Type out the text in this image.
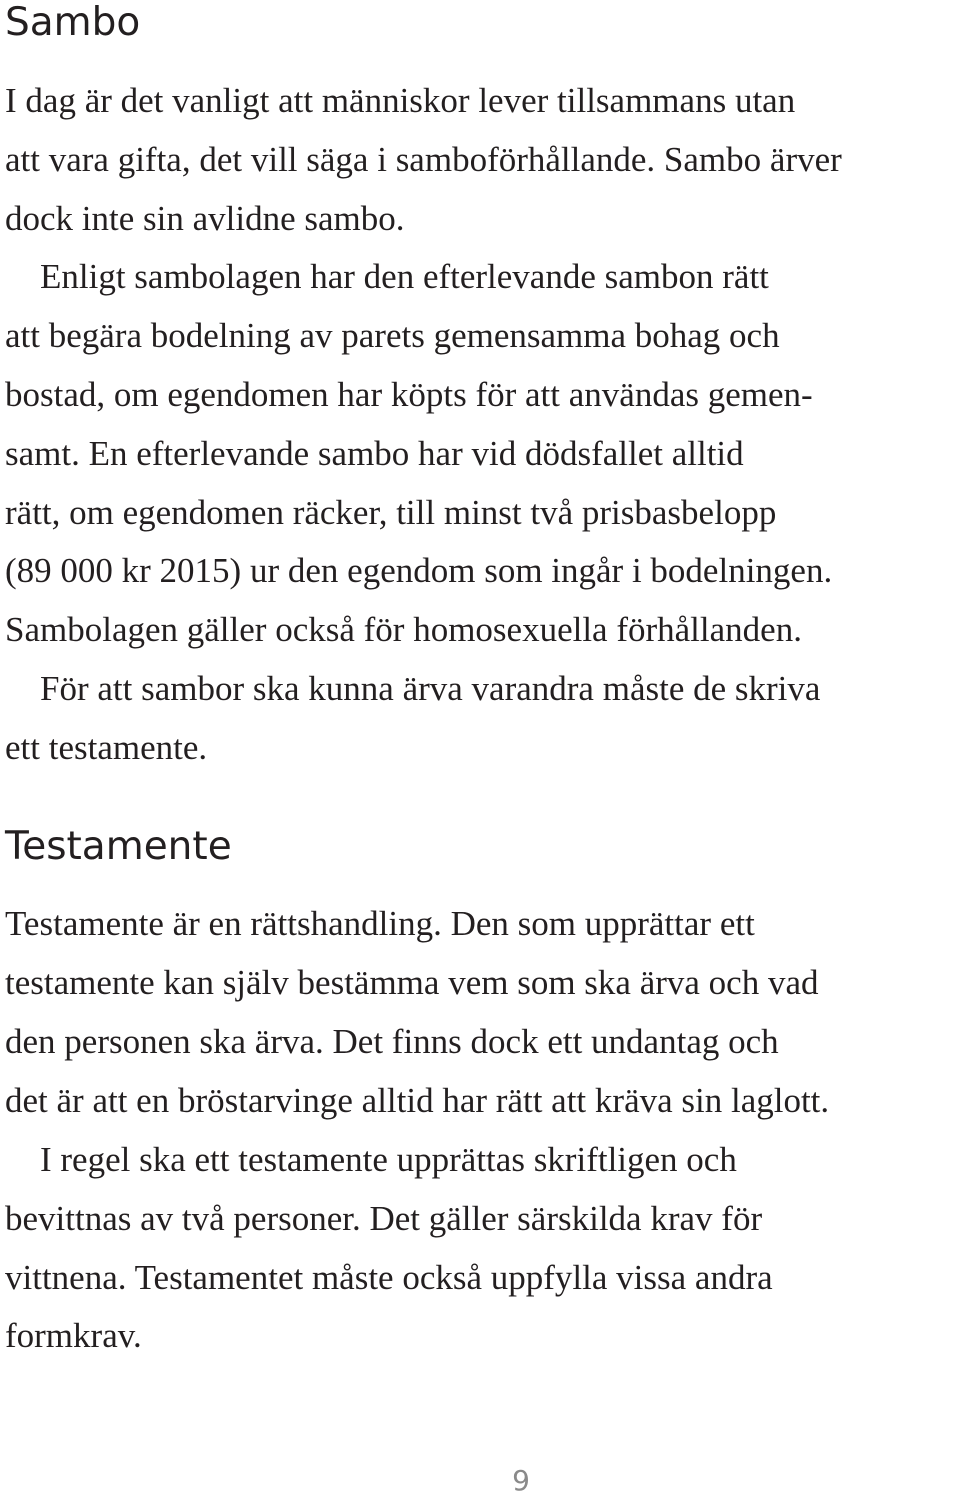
Sambo
I dag är det vanligt att människor lever tillsammans utan
att vara gifta, det vill säga i samboförhållande. Sambo ärver
dock inte sin avlidne sambo.
Enligt sambolagen har den efterlevande sambon rätt
att begära bodelning av parets gemensamma bohag och
bostad, om egendomen har köpts för att användas gemen-
samt. En efterlevande sambo har vid dödsfallet alltid
rätt, om egendomen räcker, till minst två prisbasbelopp
(89 000 kr 2015) ur den egendom som ingår i bodelningen.
Sambolagen gäller också för homosexuella förhållanden.
För att sambor ska kunna ärva varandra måste de skriva
ett testamente.
Testamente
Testamente är en rättshandling. Den som upprättar ett
testamente kan själv bestämma vem som ska ärva och vad
den personen ska ärva. Det finns dock ett undantag och
det är att en bröstarvinge alltid har rätt att kräva sin laglott.
I regel ska ett testamente upprättas skriftligen och
bevittnas av två personer. Det gäller särskilda krav för
vittnena. Testamentet måste också uppfylla vissa andra
formkrav.
9
